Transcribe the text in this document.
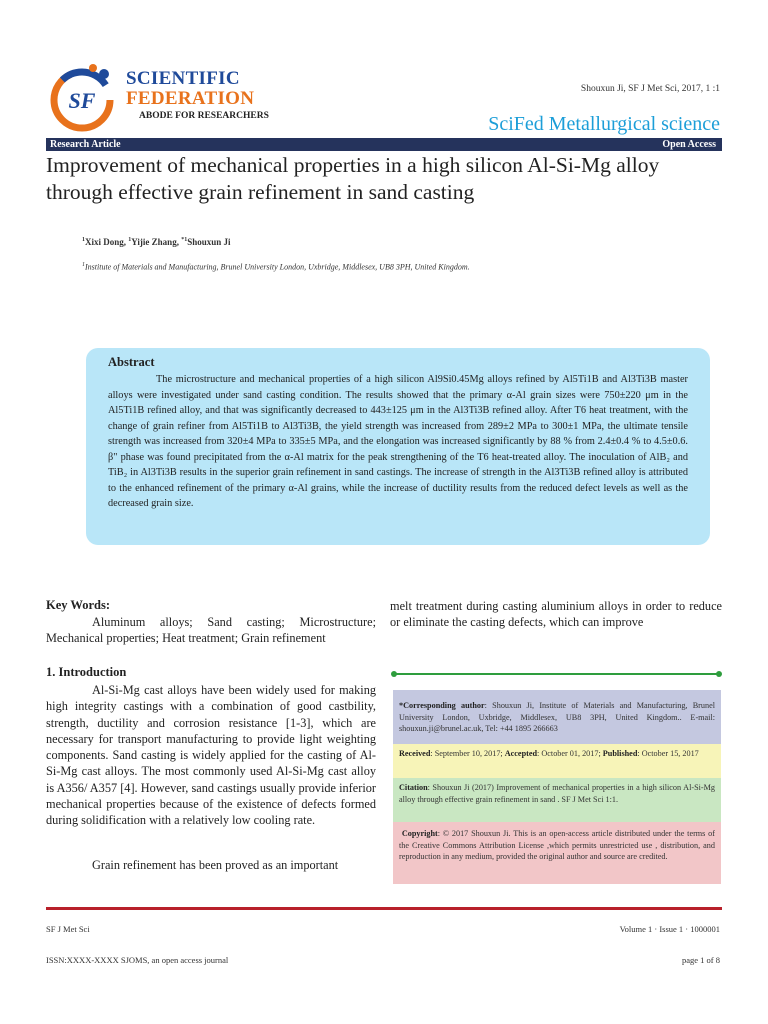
SF
SCIENTIFIC
FEDERATION
ABODE FOR RESEARCHERS
Shouxun Ji, SF J Met Sci, 2017, 1 :1
SciFed Metallurgical science
Research Article	Open Access
Improvement of mechanical properties in a high silicon Al-Si-Mg alloy through effective grain refinement in sand casting
$^1$Xixi Dong, $^1$Yijie Zhang, $^{*1}$Shouxun Ji
$^1$Institute of Materials and Manufacturing, Brunel University London, Uxbridge, Middlesex, UB8 3PH, United Kingdom.
Abstract
The microstructure and mechanical properties of a high silicon Al9Si0.45Mg alloys refined by Al5Ti1B and Al3Ti3B master alloys were investigated under sand casting condition. The results showed that the primary α-Al grain sizes were 750±220 μm in the Al5Ti1B refined alloy, and that was significantly decreased to 443±125 μm in the Al3Ti3B refined alloy. After T6 heat treatment, with the change of grain refiner from Al5Ti1B to Al3Ti3B, the yield strength was increased from 289±2 MPa to 300±1 MPa, the ultimate tensile strength was increased from 320±4 MPa to 335±5 MPa, and the elongation was increased significantly by 88 % from 2.4±0.4 % to 4.5±0.6. β" phase was found precipitated from the α-Al matrix for the peak strengthening of the T6 heat-treated alloy. The inoculation of AlB₂ and TiB₂ in Al3Ti3B results in the superior grain refinement in sand castings. The increase of strength in the Al3Ti3B refined alloy is attributed to the enhanced refinement of the primary α-Al grains, while the increase of ductility results from the reduced defect levels as well as the decreased grain size.
Key Words:
Aluminum alloys; Sand casting; Microstructure; Mechanical properties; Heat treatment; Grain refinement
1. Introduction
Al-Si-Mg cast alloys have been widely used for making high integrity castings with a combination of good castbility, strength, ductility and corrosion resistance [1-3], which are necessary for transport manufacturing to provide light weighting components. Sand casting is widely applied for the casting of Al-Si-Mg cast alloys. The most commonly used Al-Si-Mg cast alloy is A356/ A357 [4]. However, sand castings usually provide inferior mechanical properties because of the existence of defects formed during solidification with a relatively low cooling rate.
Grain refinement has been proved as an important
melt treatment during casting aluminium alloys in order to reduce or eliminate the casting defects, which can improve
*Corresponding author: Shouxun Ji, Institute of Materials and Manufacturing, Brunel University London, Uxbridge, Middlesex, UB8 3PH, United Kingdom.. E-mail: shouxun.ji@brunel.ac.uk, Tel: +44 1895 266663
Received: September 10, 2017; Accepted: October 01, 2017; Published: October 15, 2017
Citation: Shouxun Ji (2017) Improvement of mechanical properties in a high silicon Al-Si-Mg alloy through effective grain refinement in sand . SF J Met Sci 1:1.
Copyright: © 2017 Shouxun Ji. This is an open-access article distributed under the terms of the Creative Commons Attribution License ,which permits unrestricted use , distribution, and reproduction in any medium, provided the original author and source are credited.
SF J Met Sci	Volume 1 · Issue 1 · 1000001
ISSN:XXXX-XXXX SJOMS, an open access journal	page 1 of 8
